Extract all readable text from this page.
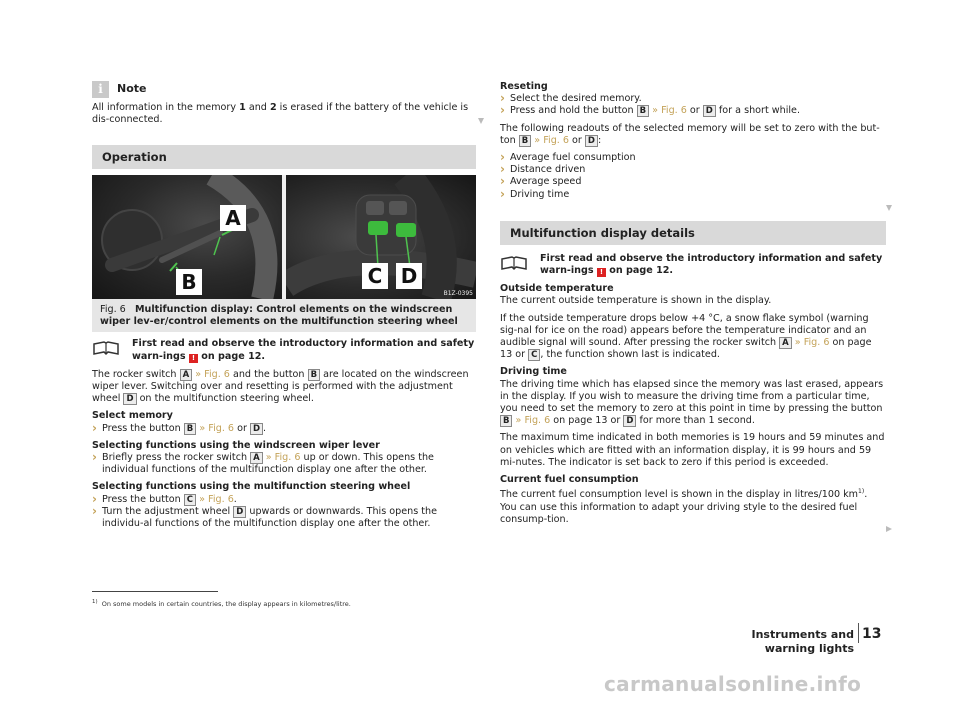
i	Note

All information in the memory 1 and 2 is erased if the battery of the vehicle is dis-connected.

Operation
A
B	C D
B1Z-0395
Fig. 6 Multifunction display: Control elements on the windscreen wiper lev-er/control elements on the multifunction steering wheel
First read and observe the introductory information and safety warn-ings ! on page 12.

The rocker switch A » Fig. 6 and the button B are located on the windscreen wiper lever. Switching over and resetting is performed with the adjustment wheel D on the multifunction steering wheel.

Select memory

› Press the button B » Fig. 6 or D .

Selecting functions using the windscreen wiper lever

› Briefly press the rocker switch A » Fig. 6 up or down. This opens the individual functions of the multifunction display one after the other.

Selecting functions using the multifunction steering wheel
› Press the button C » Fig. 6.

› Turn the adjustment wheel D upwards or downwards. This opens the individu-al functions of the multifunction display one after the other.

Reseting
› Select the desired memory.

› Press and hold the button B » Fig. 6 or D for a short while.

The following readouts of the selected memory will be set to zero with the but-ton B » Fig. 6 or D :

› Average fuel consumption
› Distance driven
› Average speed
› Driving time
Multifunction display details
First read and observe the introductory information and safety warn-ings ! on page 12.
Outside temperature

The current outside temperature is shown in the display.

If the outside temperature drops below +4 °C, a snow flake symbol (warning sig-nal for ice on the road) appears before the temperature indicator and an audible signal will sound. After pressing the rocker switch A » Fig. 6 on page 13 or C , the function shown last is indicated.

Driving time

The driving time which has elapsed since the memory was last erased, appears in the display. If you wish to measure the driving time from a particular time, you need to set the memory to zero at this point in time by pressing the button B » Fig. 6 on page 13 or D for more than 1 second.

The maximum time indicated in both memories is 19 hours and 59 minutes and on vehicles which are fitted with an information display, it is 99 hours and 59 mi-nutes. The indicator is set back to zero if this period is exceeded.

Current fuel consumption

The current fuel consumption level is shown in the display in litres/100 $km^{1)}$. You can use this information to adapt your driving style to the desired fuel consump-tion.

$^{1)}$ On some models in certain countries, the display appears in kilometres/litre.
Instruments and warning lights
13
carmanualsonline.info
